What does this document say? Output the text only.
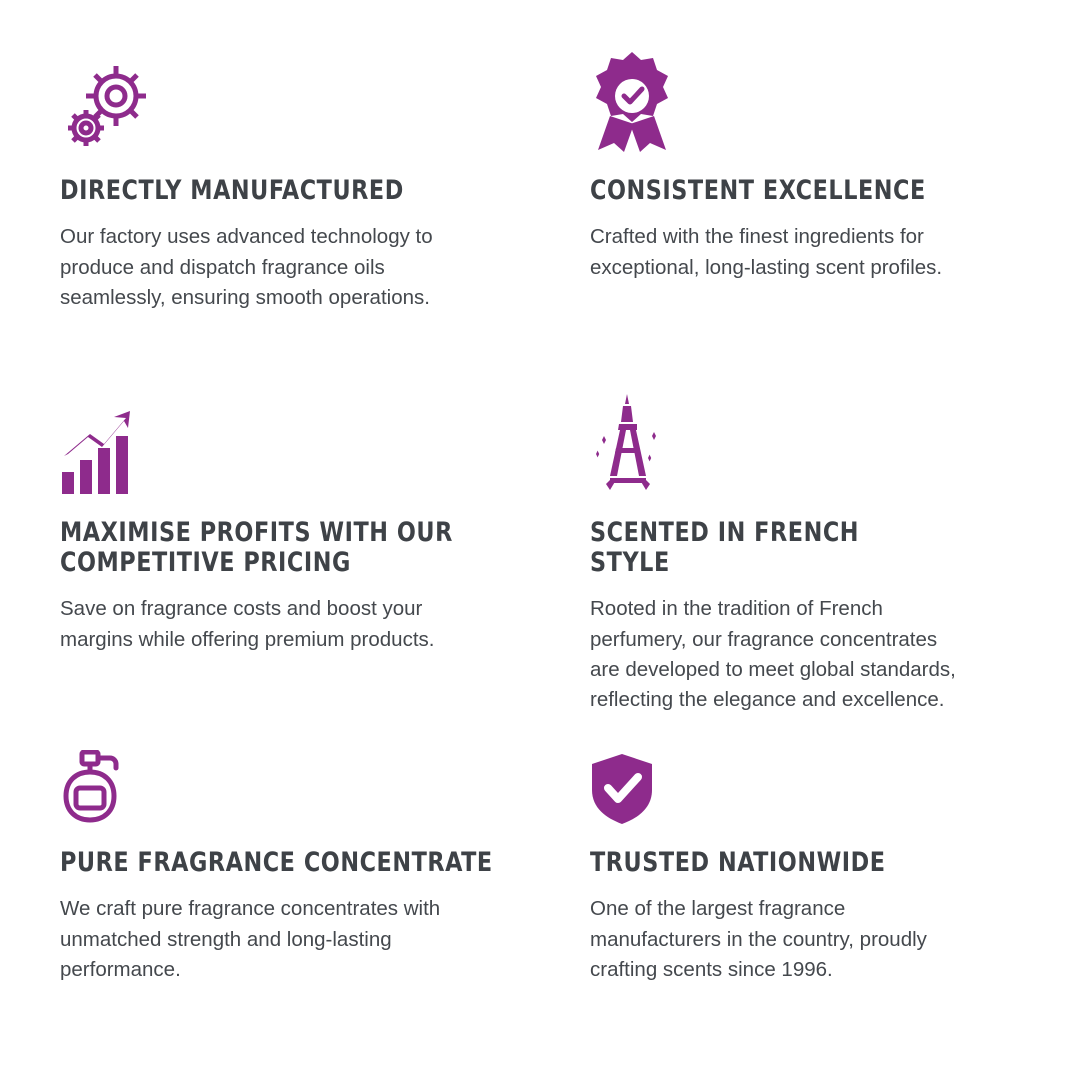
DIRECTLY MANUFACTURED

Our factory uses advanced technology to produce and dispatch fragrance oils seamlessly, ensuring smooth operations.

CONSISTENT EXCELLENCE

Crafted with the finest ingredients for exceptional, long-lasting scent profiles.

MAXIMISE PROFITS WITH OUR COMPETITIVE PRICING

Save on fragrance costs and boost your margins while offering premium products.

SCENTED IN FRENCH STYLE

Rooted in the tradition of French perfumery, our fragrance concentrates are developed to meet global standards, reflecting the elegance and excellence.

PURE FRAGRANCE CONCENTRATE

We craft pure fragrance concentrates with unmatched strength and long-lasting performance.

TRUSTED NATIONWIDE

One of the largest fragrance manufacturers in the country, proudly crafting scents since 1996.
